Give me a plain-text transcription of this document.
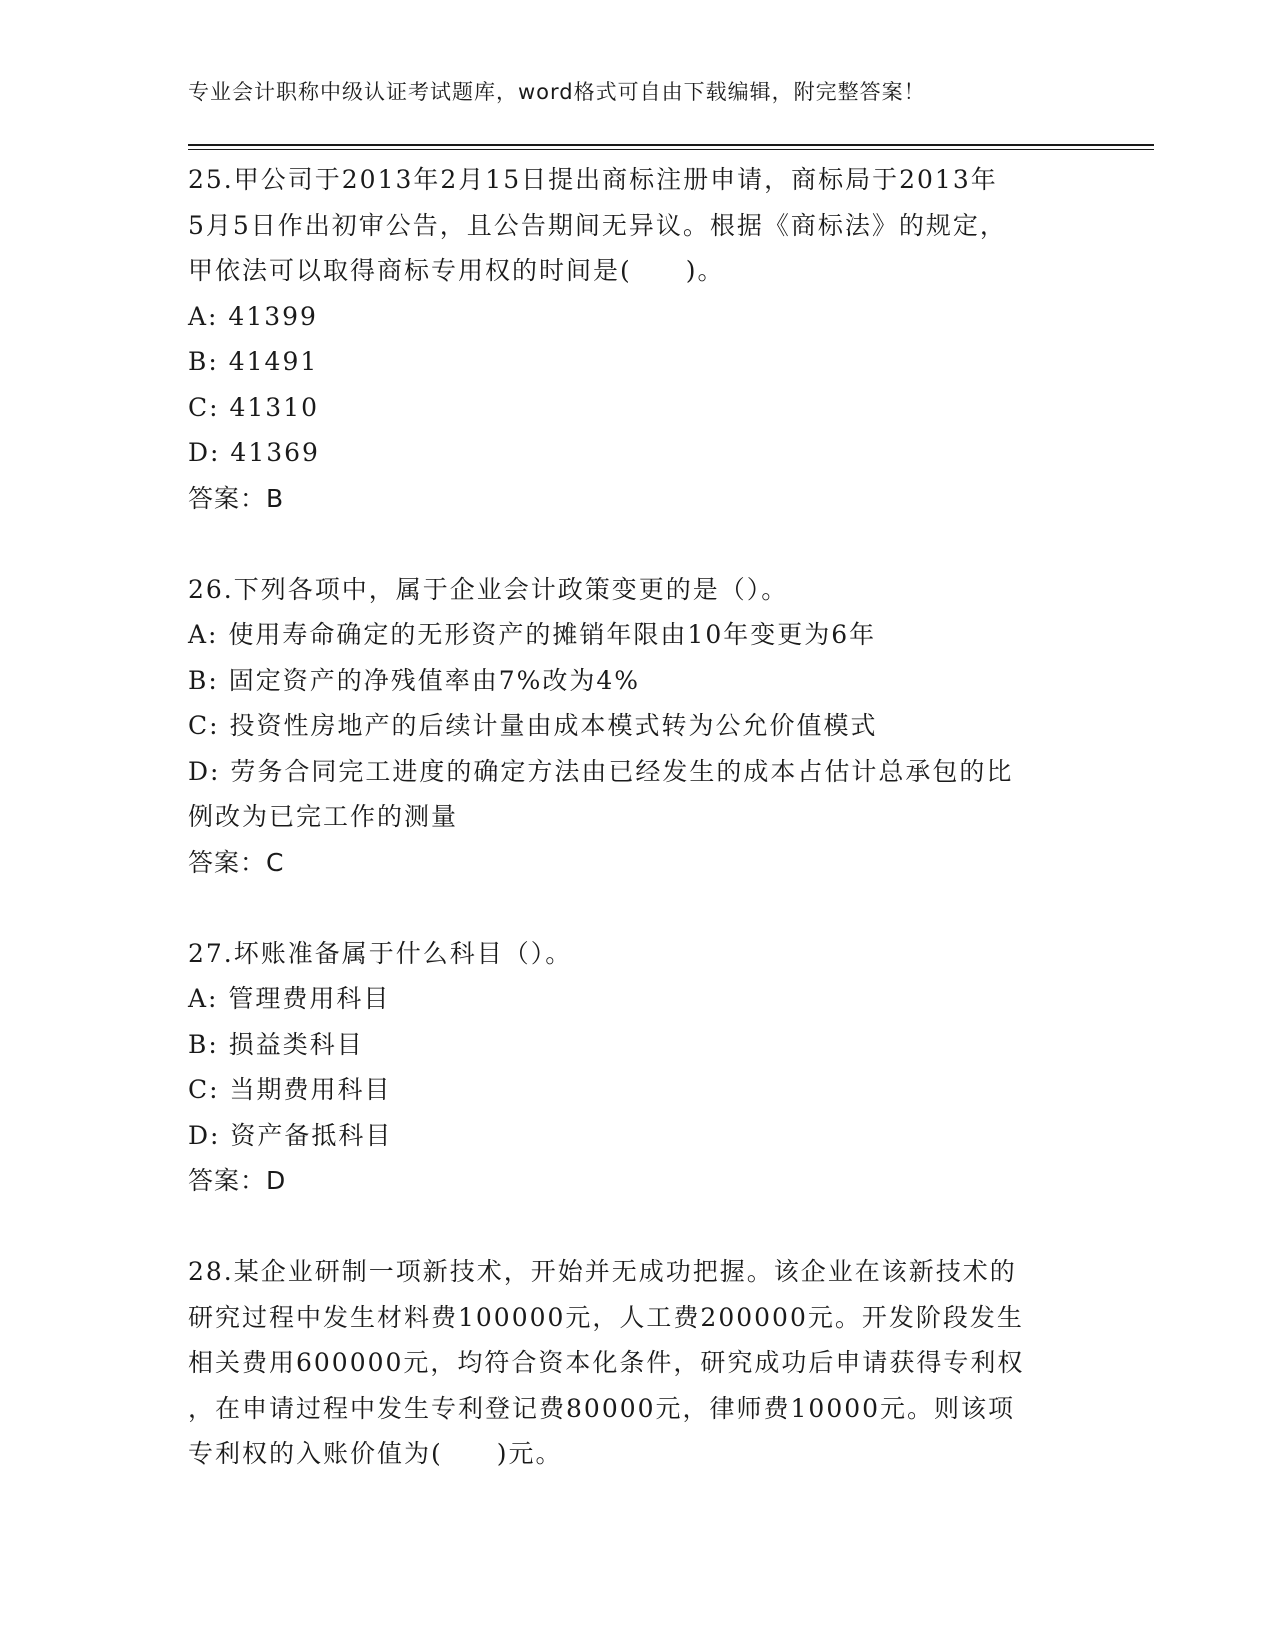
专业会计职称中级认证考试题库，word格式可自由下载编辑，附完整答案！
25.甲公司于2013年2月15日提出商标注册申请，商标局于2013年
5月5日作出初审公告，且公告期间无异议。根据《商标法》的规定，
甲依法可以取得商标专用权的时间是(　　)。
A: 41399
B: 41491
C: 41310
D: 41369
答案：B
26.下列各项中，属于企业会计政策变更的是（）。
A: 使用寿命确定的无形资产的摊销年限由10年变更为6年
B: 固定资产的净残值率由7%改为4%
C: 投资性房地产的后续计量由成本模式转为公允价值模式
D: 劳务合同完工进度的确定方法由已经发生的成本占估计总承包的比
例改为已完工作的测量
答案：C
27.坏账准备属于什么科目（）。
A: 管理费用科目
B: 损益类科目
C: 当期费用科目
D: 资产备抵科目
答案：D
28.某企业研制一项新技术，开始并无成功把握。该企业在该新技术的
研究过程中发生材料费100000元，人工费200000元。开发阶段发生
相关费用600000元，均符合资本化条件，研究成功后申请获得专利权
，在申请过程中发生专利登记费80000元，律师费10000元。则该项
专利权的入账价值为(　　)元。
